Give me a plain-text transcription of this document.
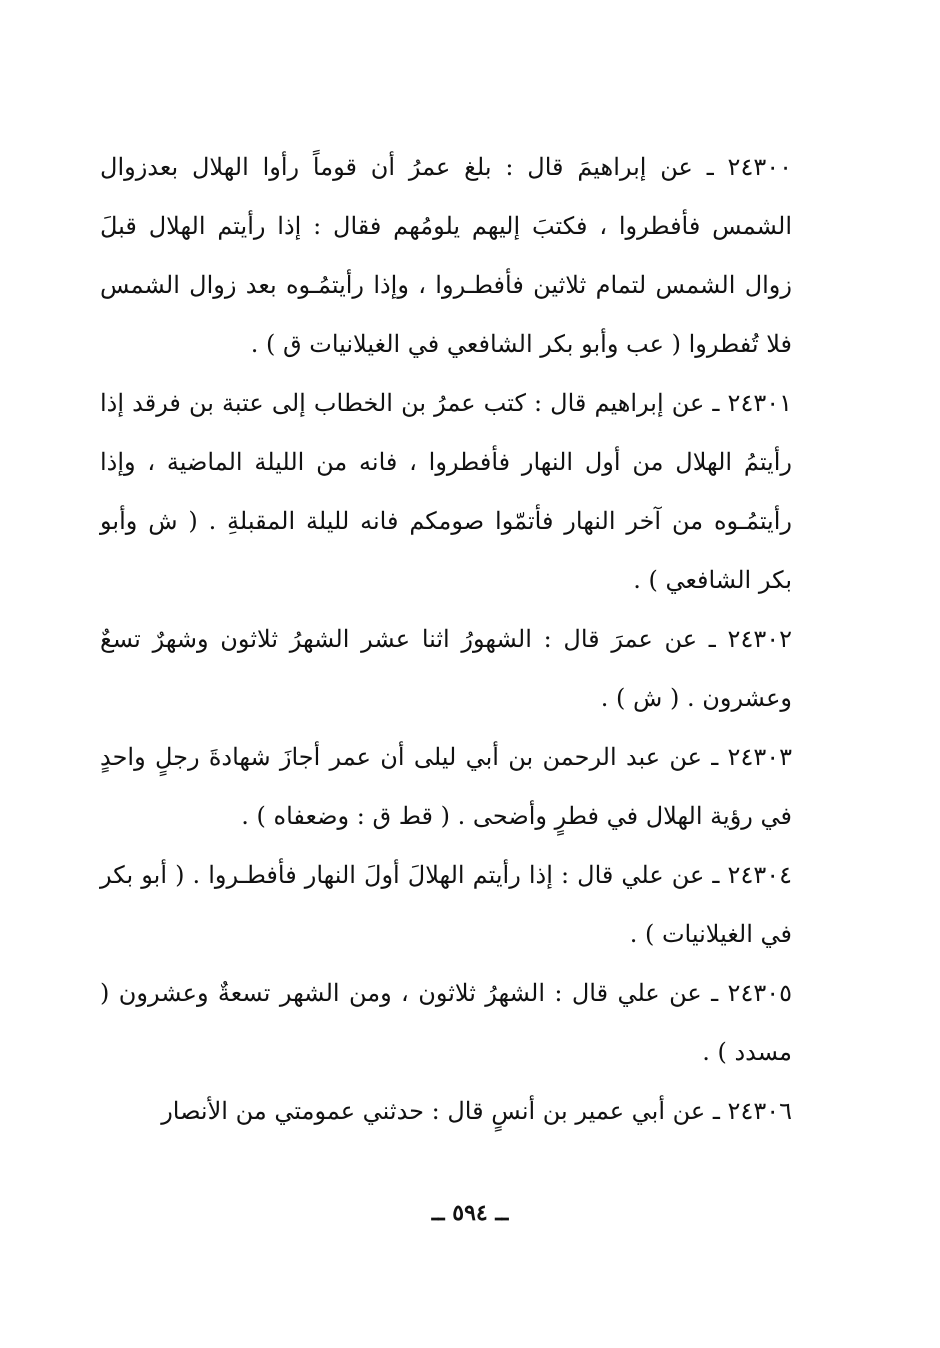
٢٤٣٠٠ ـ عن إبراهيمَ قال : بلغ عمرُ أن قوماً رأوا الهلال بعدزوال الشمس فأفطروا ، فكتبَ إليهم يلومُهم فقال : إذا رأيتم الهلال قبلَ زوال الشمس لتمام ثلاثين فأفطـروا ، وإذا رأيتمُـوه بعد زوال الشمس فلا تُفطروا ( عب وأبو بكر الشافعي في الغيلانيات ق ) .

٢٤٣٠١ ـ عن إبراهيم قال : كتب عمرُ بن الخطاب إلى عتبة بن فرقد إذا رأيتمُ الهلال من أول النهار فأفطروا ، فانه من الليلة الماضية ، وإذا رأيتمُـوه من آخر النهار فأتمّوا صومكم فانه لليلة المقبلةِ . ( ش وأبو بكر الشافعي ) .

٢٤٣٠٢ ـ عن عمرَ قال : الشهورُ اثنا عشر الشهرُ ثلاثون وشهرٌ تسعٌ وعشرون . ( ش ) .

٢٤٣٠٣ ـ عن عبد الرحمن بن أبي ليلى أن عمر أجازَ شهادةَ رجلٍ واحدٍ في رؤية الهلال في فطرٍ وأضحى . ( قط ق : وضعفاه ) .

٢٤٣٠٤ ـ عن علي قال : إذا رأيتم الهلالَ أولَ النهار فأفطـروا . ( أبو بكر في الغيلانيات ) .

٢٤٣٠٥ ـ عن علي قال : الشهرُ ثلاثون ، ومن الشهر تسعةٌ وعشرون ( مسدد ) .

٢٤٣٠٦ ـ عن أبي عمير بن أنسٍ قال : حدثني عمومتي من الأنصار

ــ ٥٩٤ ــ
